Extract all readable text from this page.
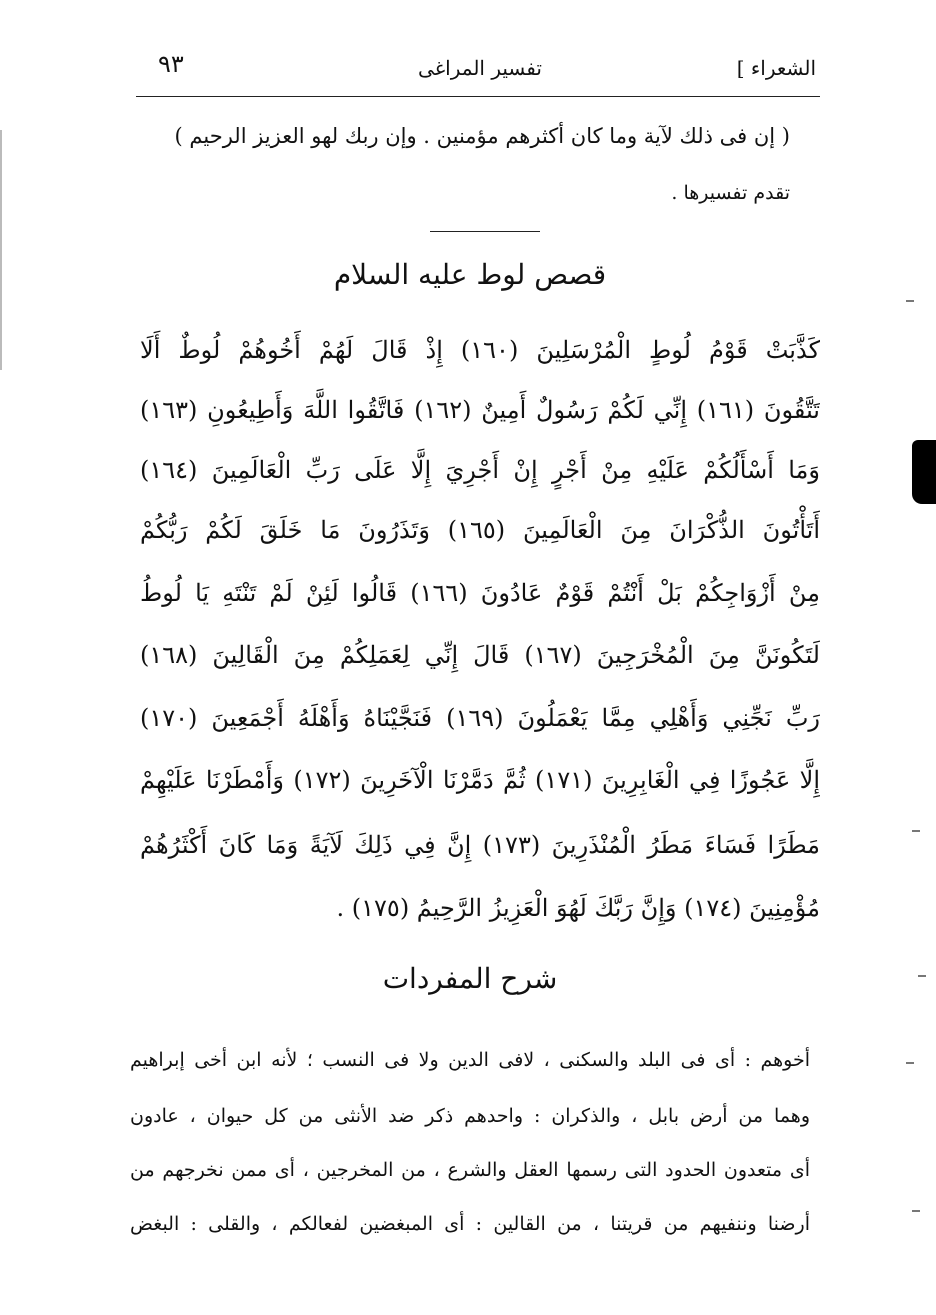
٩٣	تفسير المراغى	الشعراء ]
( إن فى ذلك لآية وما كان أكثرهم مؤمنين . وإن ربك لهو العزيز الرحيم )
تقدم تفسيرها .
قصص لوط عليه السلام
كَذَّبَتْ قَوْمُ لُوطٍ الْمُرْسَلِينَ (١٦٠) إِذْ قَالَ لَهُمْ أَخُوهُمْ لُوطٌ أَلَا
تَتَّقُونَ (١٦١) إِنِّي لَكُمْ رَسُولٌ أَمِينٌ (١٦٢) فَاتَّقُوا اللَّهَ وَأَطِيعُونِ (١٦٣)
وَمَا أَسْأَلُكُمْ عَلَيْهِ مِنْ أَجْرٍ إِنْ أَجْرِيَ إِلَّا عَلَى رَبِّ الْعَالَمِينَ (١٦٤)
أَتَأْتُونَ الذُّكْرَانَ مِنَ الْعَالَمِينَ (١٦٥) وَتَذَرُونَ مَا خَلَقَ لَكُمْ رَبُّكُمْ
مِنْ أَزْوَاجِكُمْ بَلْ أَنْتُمْ قَوْمٌ عَادُونَ (١٦٦) قَالُوا لَئِنْ لَمْ تَنْتَهِ يَا لُوطُ
لَتَكُونَنَّ مِنَ الْمُخْرَجِينَ (١٦٧) قَالَ إِنِّي لِعَمَلِكُمْ مِنَ الْقَالِينَ (١٦٨)
رَبِّ نَجِّنِي وَأَهْلِي مِمَّا يَعْمَلُونَ (١٦٩) فَنَجَّيْنَاهُ وَأَهْلَهُ أَجْمَعِينَ (١٧٠)
إِلَّا عَجُوزًا فِي الْغَابِرِينَ (١٧١) ثُمَّ دَمَّرْنَا الْآخَرِينَ (١٧٢) وَأَمْطَرْنَا عَلَيْهِمْ
مَطَرًا فَسَاءَ مَطَرُ الْمُنْذَرِينَ (١٧٣) إِنَّ فِي ذَلِكَ لَآيَةً وَمَا كَانَ أَكْثَرُهُمْ
مُؤْمِنِينَ (١٧٤) وَإِنَّ رَبَّكَ لَهُوَ الْعَزِيزُ الرَّحِيمُ (١٧٥) .
شرح المفردات
أخوهم : أى فى البلد والسكنى ، لافى الدين ولا فى النسب ؛ لأنه ابن أخى إبراهيم
وهما من أرض بابل ، والذكران : واحدهم ذكر ضد الأنثى من كل حيوان ، عادون
أى متعدون الحدود التى رسمها العقل والشرع ، من المخرجين ، أى ممن نخرجهم من
أرضنا وننفيهم من قريتنا ، من القالين : أى المبغضين لفعالكم ، والقلى : البغض
